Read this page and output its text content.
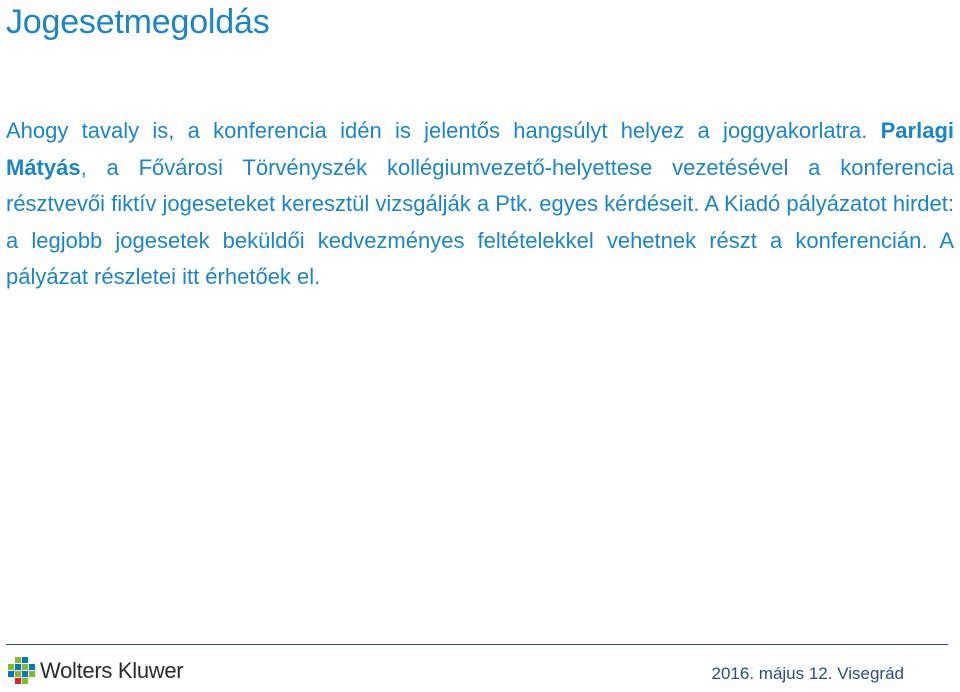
Jogesetmegoldás

Ahogy tavaly is, a konferencia idén is jelentős hangsúlyt helyez a joggyakorlatra. Parlagi Mátyás, a Fővárosi Törvényszék kollégiumvezető-helyettese vezetésével a konferencia résztvevői fiktív jogeseteket keresztül vizsgálják a Ptk. egyes kérdéseit. A Kiadó pályázatot hirdet: a legjobb jogesetek beküldői kedvezményes feltételekkel vehetnek részt a konferencián. A pályázat részletei itt érhetőek el.

Wolters Kluwer	2016. május 12. Visegrád
